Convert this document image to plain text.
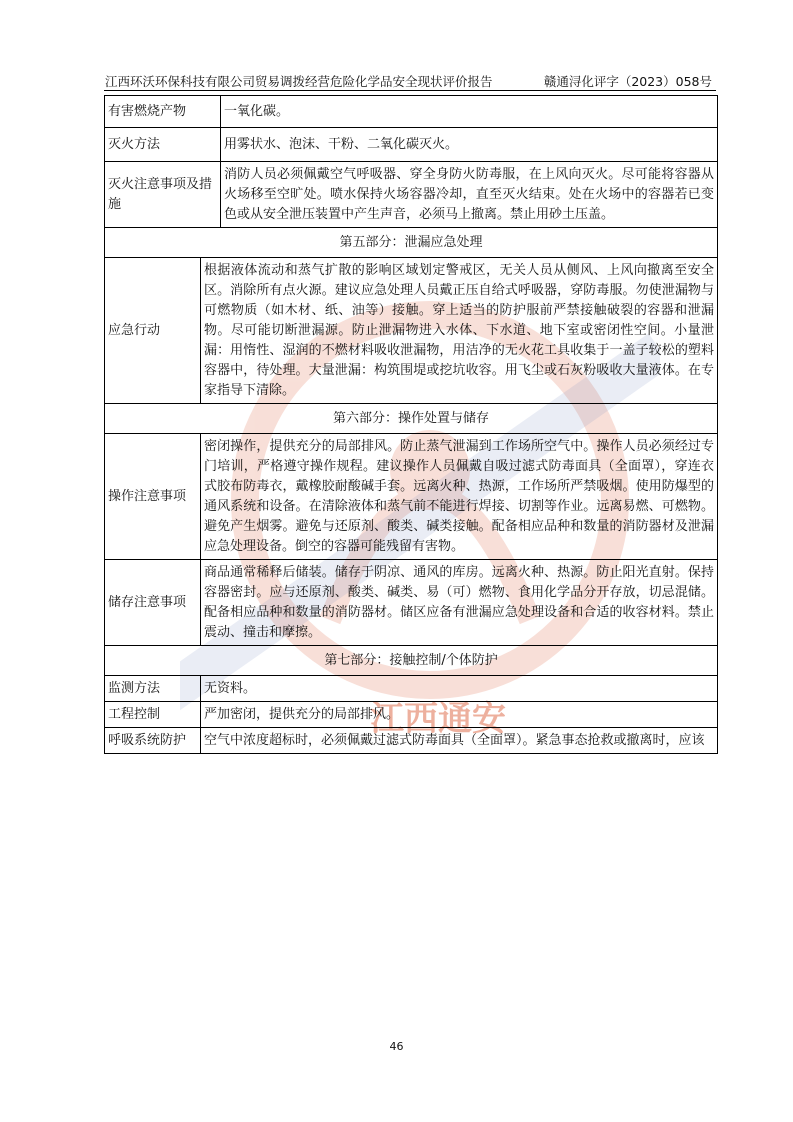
江西环沃环保科技有限公司贸易调拨经营危险化学品安全现状评价报告	赣通浔化评字（2023）058号
江西通安
有害燃烧产物		一氧化碳。
灭火方法		用雾状水、泡沫、干粉、二氧化碳灭火。
灭火注意事项及措施		消防人员必须佩戴空气呼吸器、穿全身防火防毒服，在上风向灭火。尽可能将容器从火场移至空旷处。喷水保持火场容器冷却，直至灭火结束。处在火场中的容器若已变色或从安全泄压装置中产生声音，必须马上撤离。禁止用砂土压盖。
第五部分：泄漏应急处理		
应急行动	根据液体流动和蒸气扩散的影响区域划定警戒区，无关人员从侧风、上风向撤离至安全区。消除所有点火源。建议应急处理人员戴正压自给式呼吸器，穿防毒服。勿使泄漏物与可燃物质（如木材、纸、油等）接触。穿上适当的防护服前严禁接触破裂的容器和泄漏物。尽可能切断泄漏源。防止泄漏物进入水体、下水道、地下室或密闭性空间。小量泄漏：用惰性、湿润的不燃材料吸收泄漏物，用洁净的无火花工具收集于一盖子较松的塑料容器中，待处理。大量泄漏：构筑围堤或挖坑收容。用飞尘或石灰粉吸收大量液体。在专家指导下清除。	
第六部分：操作处置与储存		
操作注意事项	密闭操作，提供充分的局部排风。防止蒸气泄漏到工作场所空气中。操作人员必须经过专门培训，严格遵守操作规程。建议操作人员佩戴自吸过滤式防毒面具（全面罩），穿连衣式胶布防毒衣，戴橡胶耐酸碱手套。远离火种、热源，工作场所严禁吸烟。使用防爆型的通风系统和设备。在清除液体和蒸气前不能进行焊接、切割等作业。远离易燃、可燃物。避免产生烟雾。避免与还原剂、酸类、碱类接触。配备相应品种和数量的消防器材及泄漏应急处理设备。倒空的容器可能残留有害物。	
储存注意事项	商品通常稀释后储装。储存于阴凉、通风的库房。远离火种、热源。防止阳光直射。保持容器密封。应与还原剂、酸类、碱类、易（可）燃物、食用化学品分开存放，切忌混储。配备相应品种和数量的消防器材。储区应备有泄漏应急处理设备和合适的收容材料。禁止震动、撞击和摩擦。	
第七部分：接触控制/个体防护		
监测方法	无资料。	
工程控制	严加密闭，提供充分的局部排风。	
呼吸系统防护	空气中浓度超标时，必须佩戴过滤式防毒面具（全面罩）。紧急事态抢救或撤离时，应该	
46
